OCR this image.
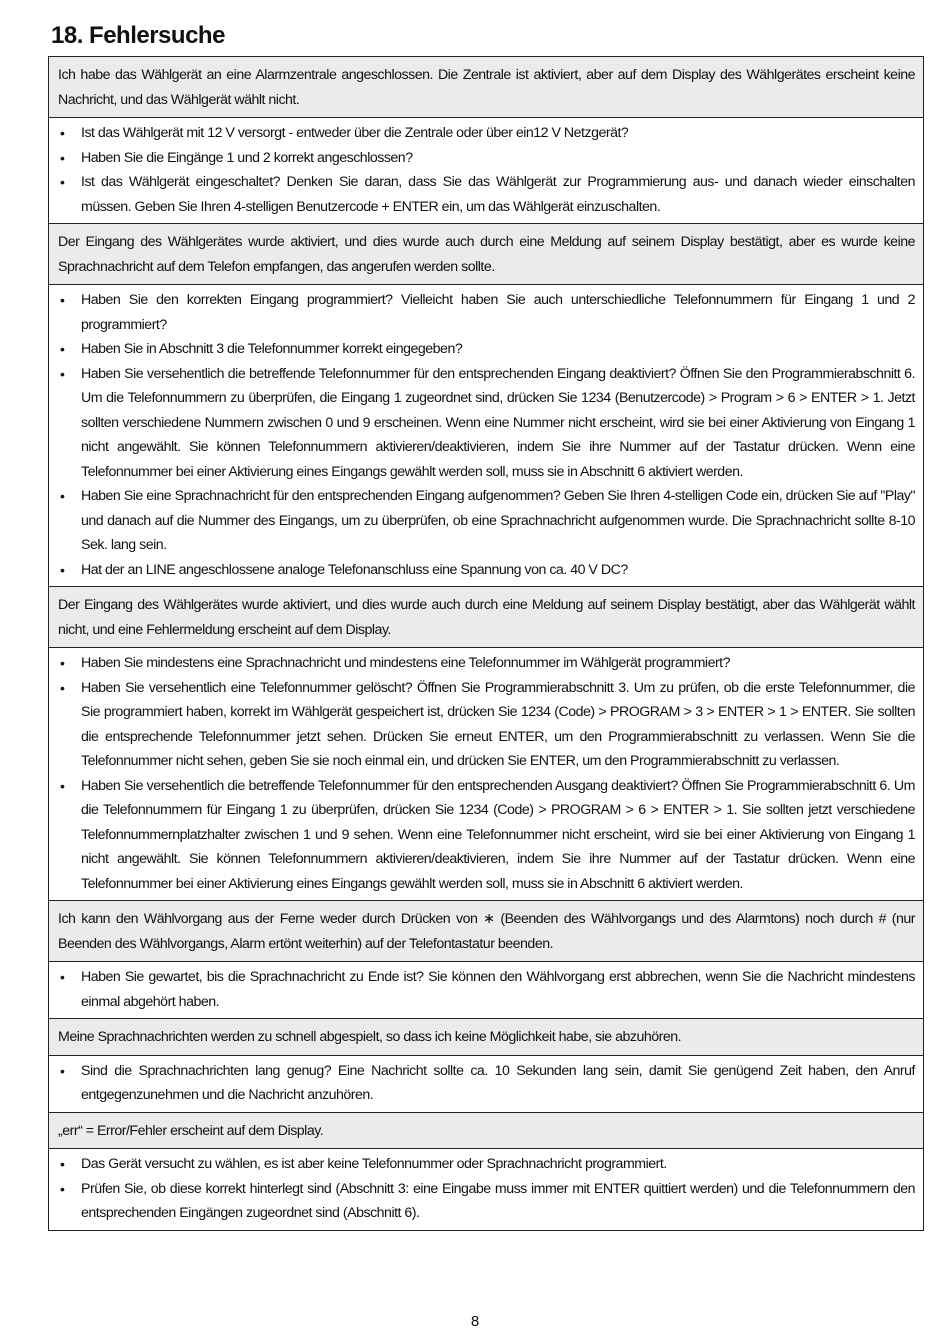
18. Fehlersuche
Ich habe das Wählgerät an eine Alarmzentrale angeschlossen. Die Zentrale ist aktiviert, aber auf dem Display des Wählgerätes erscheint keine Nachricht, und das Wählgerät wählt nicht.
• Ist das Wählgerät mit 12 V versorgt - entweder über die Zentrale oder über ein12 V Netzgerät?
• Haben Sie die Eingänge 1 und 2 korrekt angeschlossen?
• Ist das Wählgerät eingeschaltet? Denken Sie daran, dass Sie das Wählgerät zur Programmierung aus- und danach wieder einschalten müssen. Geben Sie Ihren 4-stelligen Benutzercode + ENTER ein, um das Wählgerät einzuschalten.
Der Eingang des Wählgerätes wurde aktiviert, und dies wurde auch durch eine Meldung auf seinem Display bestätigt, aber es wurde keine Sprachnachricht auf dem Telefon empfangen, das angerufen werden sollte.
• Haben Sie den korrekten Eingang programmiert? Vielleicht haben Sie auch unterschiedliche Telefonnummern für Eingang 1 und 2 programmiert?
• Haben Sie in Abschnitt 3 die Telefonnummer korrekt eingegeben?
• Haben Sie versehentlich die betreffende Telefonnummer für den entsprechenden Eingang deaktiviert? Öffnen Sie den Programmierabschnitt 6. Um die Telefonnummern zu überprüfen, die Eingang 1 zugeordnet sind, drücken Sie 1234 (Benutzercode) > Program > 6 > ENTER > 1. Jetzt sollten verschiedene Nummern zwischen 0 und 9 erscheinen. Wenn eine Nummer nicht erscheint, wird sie bei einer Aktivierung von Eingang 1 nicht angewählt. Sie können Telefonnummern aktivieren/deaktivieren, indem Sie ihre Nummer auf der Tastatur drücken. Wenn eine Telefonnummer bei einer Aktivierung eines Eingangs gewählt werden soll, muss sie in Abschnitt 6 aktiviert werden.
• Haben Sie eine Sprachnachricht für den entsprechenden Eingang aufgenommen? Geben Sie Ihren 4-stelligen Code ein, drücken Sie auf "Play" und danach auf die Nummer des Eingangs, um zu überprüfen, ob eine Sprachnachricht aufgenommen wurde. Die Sprachnachricht sollte 8-10 Sek. lang sein.
• Hat der an LINE angeschlossene analoge Telefonanschluss eine Spannung von ca. 40 V DC?
Der Eingang des Wählgerätes wurde aktiviert, und dies wurde auch durch eine Meldung auf seinem Display bestätigt, aber das Wählgerät wählt nicht, und eine Fehlermeldung erscheint auf dem Display.
• Haben Sie mindestens eine Sprachnachricht und mindestens eine Telefonnummer im Wählgerät programmiert?
• Haben Sie versehentlich eine Telefonnummer gelöscht? Öffnen Sie Programmierabschnitt 3. Um zu prüfen, ob die erste Telefonnummer, die Sie programmiert haben, korrekt im Wählgerät gespeichert ist, drücken Sie 1234 (Code) > PROGRAM > 3 > ENTER > 1 > ENTER. Sie sollten die entsprechende Telefonnummer jetzt sehen. Drücken Sie erneut ENTER, um den Programmierabschnitt zu verlassen. Wenn Sie die Telefonnummer nicht sehen, geben Sie sie noch einmal ein, und drücken Sie ENTER, um den Programmierabschnitt zu verlassen.
• Haben Sie versehentlich die betreffende Telefonnummer für den entsprechenden Ausgang deaktiviert? Öffnen Sie Programmierabschnitt 6. Um die Telefonnummern für Eingang 1 zu überprüfen, drücken Sie 1234 (Code) > PROGRAM > 6 > ENTER > 1. Sie sollten jetzt verschiedene Telefonnummernplatzhalter zwischen 1 und 9 sehen. Wenn eine Telefonnummer nicht erscheint, wird sie bei einer Aktivierung von Eingang 1 nicht angewählt. Sie können Telefonnummern aktivieren/deaktivieren, indem Sie ihre Nummer auf der Tastatur drücken. Wenn eine Telefonnummer bei einer Aktivierung eines Eingangs gewählt werden soll, muss sie in Abschnitt 6 aktiviert werden.
Ich kann den Wählvorgang aus der Ferne weder durch Drücken von ∗ (Beenden des Wählvorgangs und des Alarmtons) noch durch # (nur Beenden des Wählvorgangs, Alarm ertönt weiterhin) auf der Telefontastatur beenden.
• Haben Sie gewartet, bis die Sprachnachricht zu Ende ist? Sie können den Wählvorgang erst abbrechen, wenn Sie die Nachricht mindestens einmal abgehört haben.
Meine Sprachnachrichten werden zu schnell abgespielt, so dass ich keine Möglichkeit habe, sie abzuhören.
• Sind die Sprachnachrichten lang genug? Eine Nachricht sollte ca. 10 Sekunden lang sein, damit Sie genügend Zeit haben, den Anruf entgegenzunehmen und die Nachricht anzuhören.
„err“ = Error/Fehler erscheint auf dem Display.
• Das Gerät versucht zu wählen, es ist aber keine Telefonnummer oder Sprachnachricht programmiert.
• Prüfen Sie, ob diese korrekt hinterlegt sind (Abschnitt 3: eine Eingabe muss immer mit ENTER quittiert werden) und die Telefonnummern den entsprechenden Eingängen zugeordnet sind (Abschnitt 6).
8
